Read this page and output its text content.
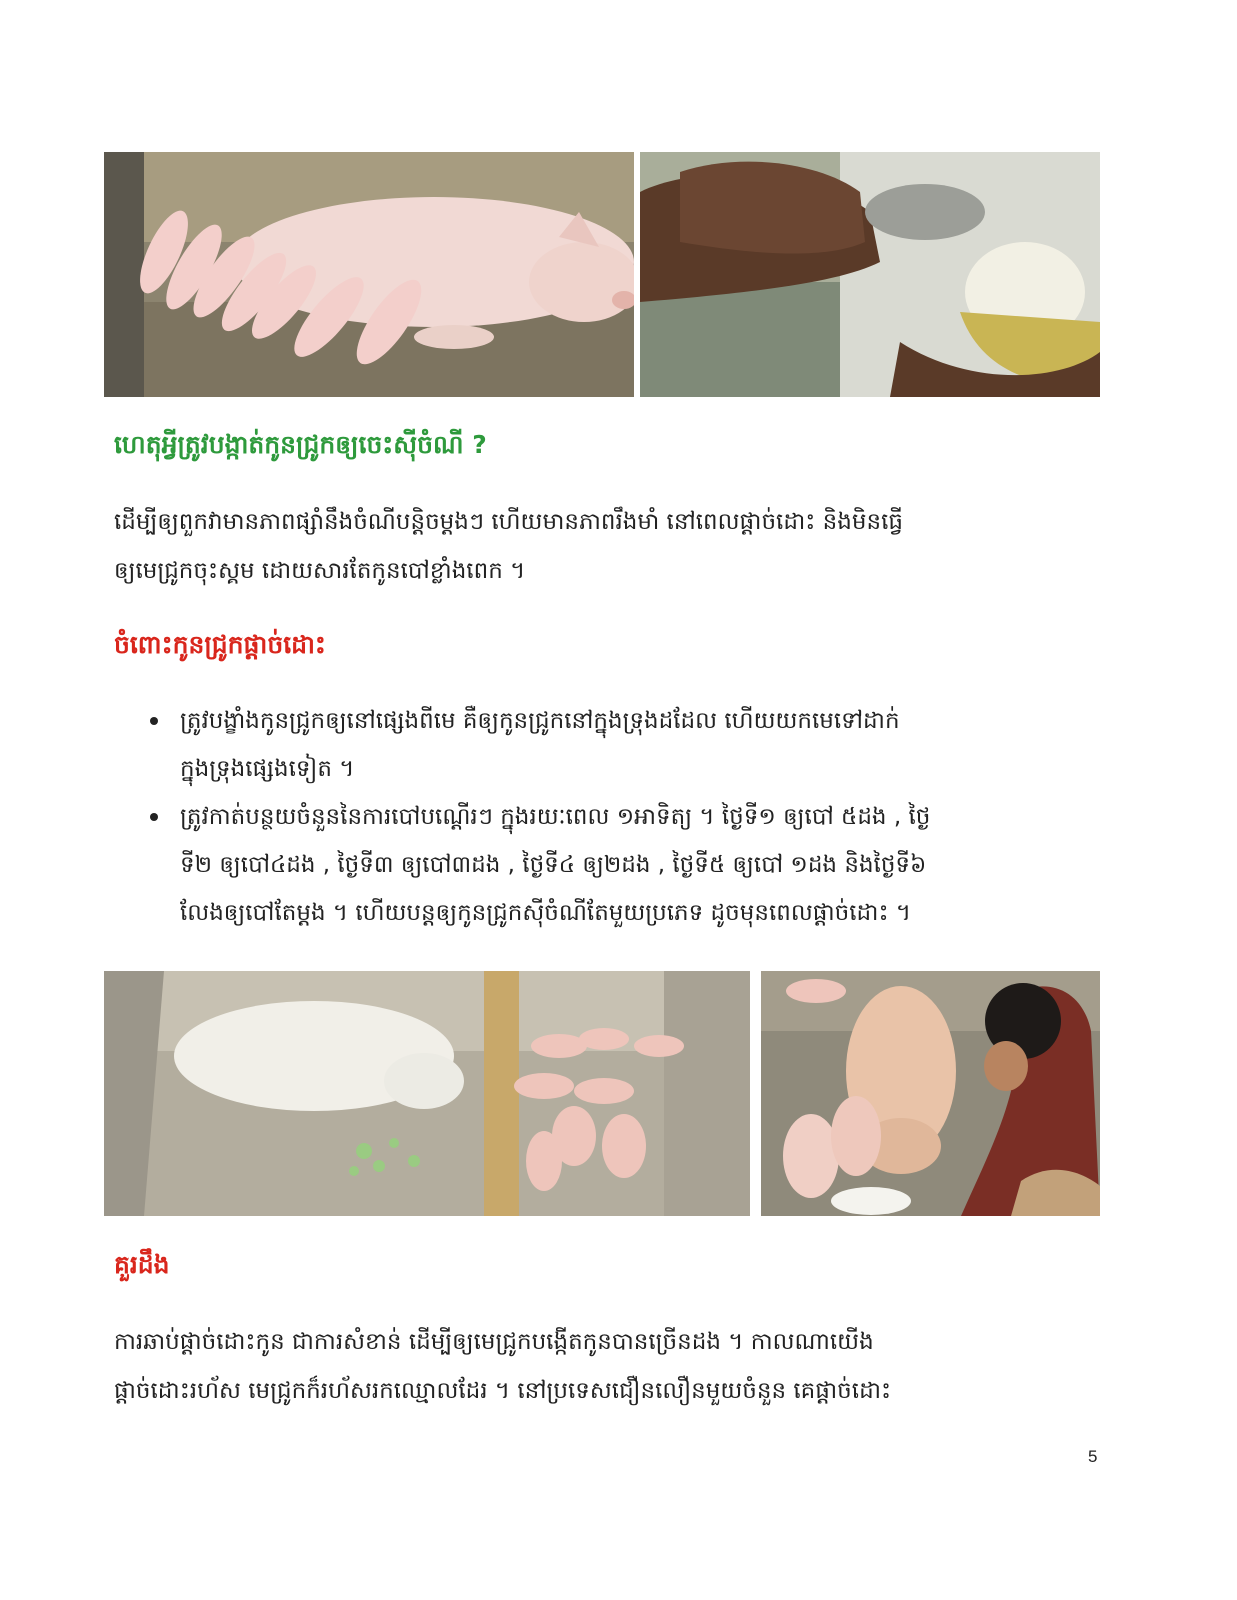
ហេតុអ្វីត្រូវបង្កាត់កូនជ្រូកឲ្យចេះស៊ីចំណី ?

ដើម្បីឲ្យពួកវាមានភាពផ្សាំនឹងចំណីបន្តិចម្តងៗ ហើយមានភាពរឹងមាំ នៅពេលផ្តាច់ដោះ និងមិនធ្វើ

ឲ្យមេជ្រូកចុះស្គម ដោយសារតែកូនបៅខ្លាំងពេក ។

ចំពោះកូនជ្រូកផ្តាច់ដោះ
ត្រូវបង្ខាំងកូនជ្រូកឲ្យនៅផ្សេងពីមេ គឺឲ្យកូនជ្រូកនៅក្នុងទ្រុងដដែល ហើយយកមេទៅដាក់
ក្នុងទ្រុងផ្សេងទៀត ។
ត្រូវកាត់បន្ថយចំនួននៃការបៅបណ្តើរៗ ក្នុងរយៈពេល ១អាទិត្យ ។ ថ្ងៃទី១ ឲ្យបៅ ៥ដង , ថ្ងៃ
ទី២ ឲ្យបៅ៤ដង , ថ្ងៃទី៣ ឲ្យបៅ៣ដង , ថ្ងៃទី៤ ឲ្យ២ដង , ថ្ងៃទី៥ ឲ្យបៅ ១ដង និងថ្ងៃទី៦
លែងឲ្យបៅតែម្តង ។ ហើយបន្តឲ្យកូនជ្រូកស៊ីចំណីតែមួយប្រភេទ ដូចមុនពេលផ្តាច់ដោះ ។
គួរដឹង

ការឆាប់ផ្តាច់ដោះកូន ជាការសំខាន់ ដើម្បីឲ្យមេជ្រូកបង្កើតកូនបានច្រើនដង ។ កាលណាយើង

ផ្តាច់ដោះរហ័ស មេជ្រូកក៏រហ័សរកឈ្មោលដែរ ។ នៅប្រទេសជឿនលឿនមួយចំនួន គេផ្តាច់ដោះ

5
